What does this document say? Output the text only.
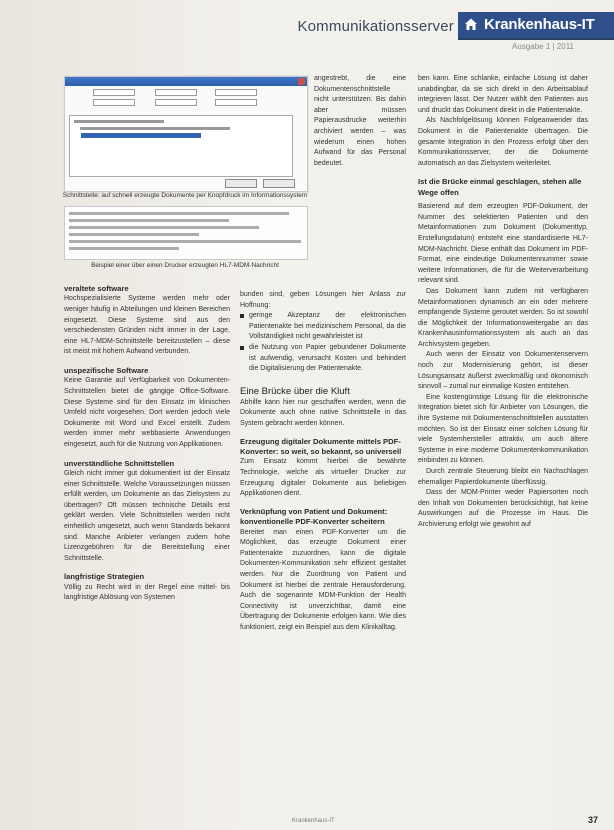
Kommunikationsserver Krankenhaus-IT
Ausgabe 1 | 2011
Schnittstelle: auf schnell erzeugte Dokumente per Knopfdruck im Informationssystem
Beispiel einer über einen Drucker erzeugten HL7-MDM-Nachricht

veraltete software

Hochspezialisierte Systeme werden mehr oder weniger häufig in Abteilungen und kleinen Bereichen eingesetzt. Diese Systeme sind aus den verschiedensten Gründen nicht immer in der Lage, eine HL7-MDM-Schnittstelle bereitzustellen – diese ist meist mit hohem Aufwand verbunden.

unspezifische Software

Keine Garantie auf Verfügbarkeit von Dokumenten-Schnittstellen bietet die gängige Office-Software. Diese Systeme sind für den Einsatz im klinischen Umfeld nicht vorgesehen. Dort werden jedoch viele Dokumente mit Word und Excel erstellt. Zudem werden immer mehr webbasierte Anwendungen eingesetzt, auch für die Nutzung von Applikationen.

unverständliche Schnittstellen

Gleich nicht immer gut dokumentiert ist der Einsatz einer Schnittstelle. Welche Voraussetzungen müssen erfüllt werden, um Dokumente an das Zielsystem zu übertragen? Oft müssen technische Details erst geklärt werden. Viele Schnittstellen werden nicht einheitlich umgesetzt, auch wenn Standards bekannt sind. Manche Anbieter verlangen zudem hohe Lizenzgebühren für die Bereitstellung einer Schnittstelle.

langfristige Strategien

Völlig zu Recht wird in der Regel eine mittel- bis langfristige Ablösung von Systemen

angestrebt, die eine Dokumentenschnittstelle nicht unterstützen. Bis dahin aber müssen Papierausdrucke weiterhin archiviert werden – was wiederum einen hohen Aufwand für das Personal bedeutet.

bunden sind, geben Lösungen hier Anlass zur Hoffnung:

geringe Akzeptanz der elektronischen Patientenakte bei medizinischem Personal, da die Vollständigkeit nicht gewährleistet ist

die Nutzung von Papier gebundener Dokumente ist aufwendig, verursacht Kosten und behindert die Digitalisierung der Patientenakte.

Eine Brücke über die Kluft

Abhilfe kann hier nur geschaffen werden, wenn die Dokumente auch ohne native Schnittstelle in das System gebracht werden können.

Erzeugung digitaler Dokumente mittels PDF-Konverter: so weit, so bekannt, so universell

Zum Einsatz kommt hierbei die bewährte Technologie, welche als virtueller Drucker zur Erzeugung digitaler Dokumente aus beliebigen Applikationen dient.

Verknüpfung von Patient und Dokument: konventionelle PDF-Konverter scheitern

Bereitet man einen PDF-Konverter um die Möglichkeit, das erzeugte Dokument einer Patientenakte zuzuordnen, kann die digitale Dokumenten-Kommunikation sehr effizient gestaltet werden. Nur die Zuordnung von Patient und Dokument ist hierbei die zentrale Herausforderung. Auch die sogenannte MDM-Funktion der Health Connectivity ist unverzichtbar, damit eine Übertragung der Dokumente erfolgen kann. Wie dies funktioniert, zeigt ein Beispiel aus dem Klinikalltag.

ben kann. Eine schlanke, einfache Lösung ist daher unabdingbar, da sie sich direkt in den Arbeitsablauf integrieren lässt. Der Nutzer wählt den Patienten aus und druckt das Dokument direkt in die Patientenakte.

Als Nachfolgelösung können Folgeanwender das Dokument in die Patientenakte übertragen. Die gesamte Integration in den Prozess erfolgt über den Kommunikationsserver, der die Dokumente automatisch an das Zielsystem weiterleitet.

Ist die Brücke einmal geschlagen, stehen alle Wege offen

Basierend auf dem erzeugten PDF-Dokument, der Nummer des selektierten Patienten und den Metainformationen zum Dokument (Dokumenttyp, Erstellungsdatum) entsteht eine standardisierte HL7-MDM-Nachricht. Diese enthält das Dokument im PDF-Format, eine eindeutige Dokumentennummer sowie weitere Informationen, die für die Weiterverarbeitung relevant sind.

Das Dokument kann zudem mit verfügbaren Metainformationen dynamisch an ein oder mehrere empfangende Systeme geroutet werden. So ist sowohl die Möglichkeit der Informationsweitergabe an das Krankenhausinformationssystem als auch an das Archivsystem gegeben.

Auch wenn der Einsatz von Dokumentenservern noch zur Modernisierung gehört, ist dieser Lösungsansatz äußerst zweckmäßig und ökonomisch sinnvoll – zumal nur einmalige Kosten entstehen.

Eine kostengünstige Lösung für die elektronische Integration bietet sich für Anbieter von Lösungen, die ihre Systeme mit Dokumentenschnittstellen ausstatten möchten. So ist der Einsatz einer solchen Lösung für viele Systemhersteller attraktiv, um auch ältere Systeme in eine moderne Dokumentenkommunikation einbinden zu können.

Durch zentrale Steuerung bleibt ein Nachschlagen ehemaliger Papierdokumente überflüssig.

Dass der MDM-Printer weder Papiersorten noch den Inhalt von Dokumenten berücksichtigt, hat keine Auswirkungen auf die Prozesse im Haus. Die Archivierung erfolgt wie gewohnt auf

Krankenhaus-IT	37
